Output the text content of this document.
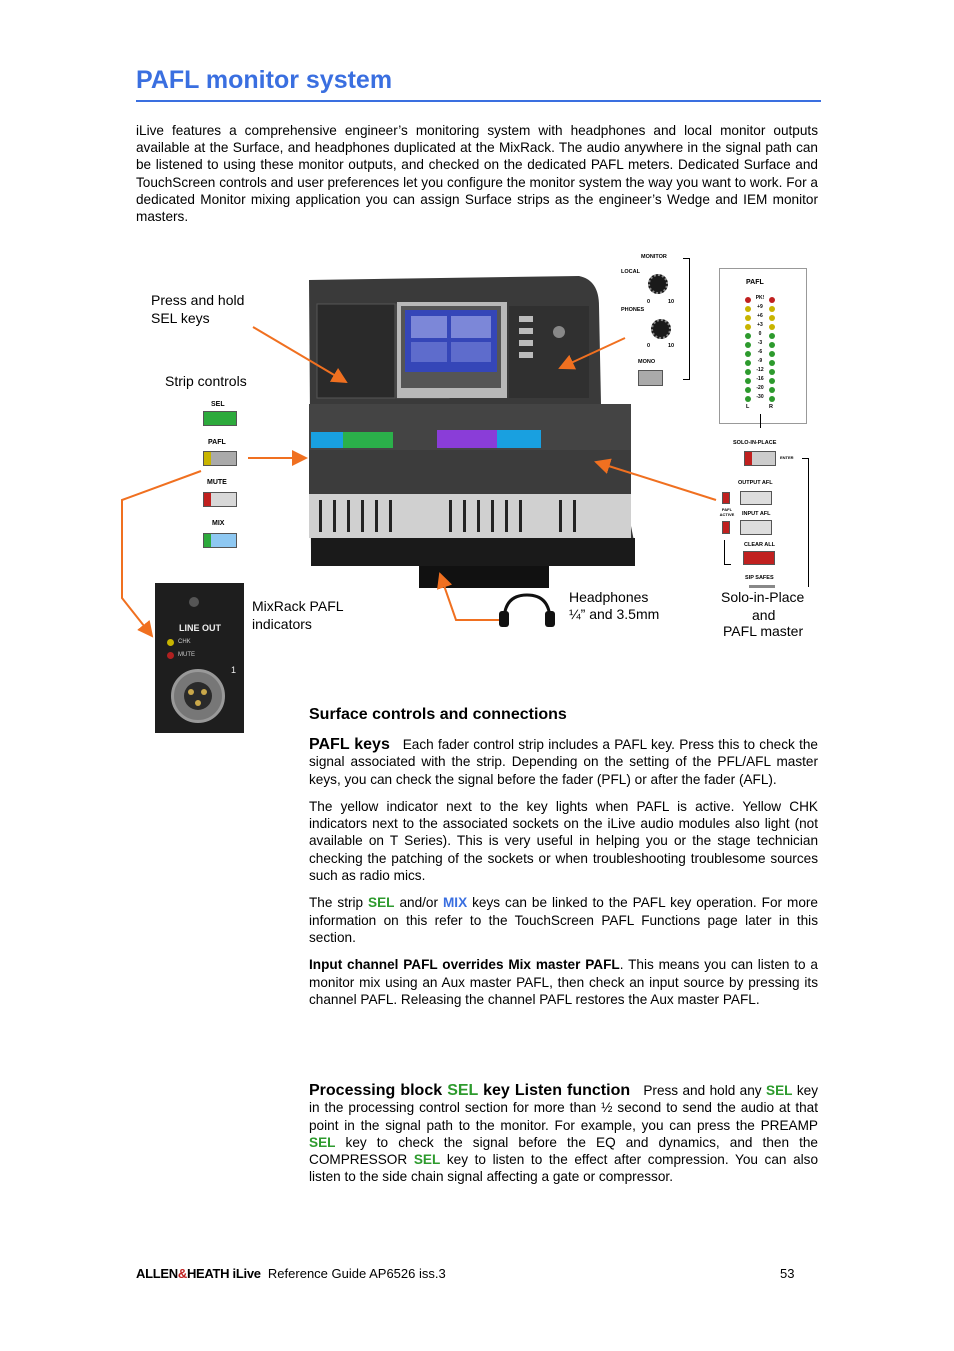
PAFL monitor system
iLive features a comprehensive engineer’s monitoring system with headphones and local monitor outputs available at the Surface, and headphones duplicated at the MixRack. The audio anywhere in the signal path can be listened to using these monitor outputs, and checked on the dedicated PAFL meters. Dedicated Surface and TouchScreen controls and user preferences let you configure the monitor system the way you want to work. For a dedicated Monitor mixing application you can assign Surface strips as the engineer’s Wedge and IEM monitor masters.
Press and hold
SEL keys
Strip controls
SEL
PAFL
MUTE
MIX
LINE OUT
CHK
MUTE
1
MixRack PAFL
indicators
Headphones
¼” and 3.5mm
MONITOR
LOCAL
0	10
PHONES
0	10
MONO
PAFL
PK!
+9
+6
+3
0
-3
-6
-9
-12
-16
-20
-30
L	R
SOLO-IN-PLACE
ENTER
OUTPUT AFL
PAFL ACTIVE	INPUT AFL
CLEAR ALL
SIP SAFES
Solo-in-Place
and
PAFL master
Surface controls and connections

PAFL keys Each fader control strip includes a PAFL key. Press this to check the signal associated with the strip. Depending on the setting of the PFL/AFL master keys, you can check the signal before the fader (PFL) or after the fader (AFL).

The yellow indicator next to the key lights when PAFL is active. Yellow CHK indicators next to the associated sockets on the iLive audio modules also light (not available on T Series). This is very useful in helping you or the stage technician checking the patching of the sockets or when troubleshooting troublesome sources such as radio mics.

The strip SEL and/or MIX keys can be linked to the PAFL key operation. For more information on this refer to the TouchScreen PAFL Functions page later in this section.

Input channel PAFL overrides Mix master PAFL. This means you can listen to a monitor mix using an Aux master PAFL, then check an input source by pressing its channel PAFL. Releasing the channel PAFL restores the Aux master PAFL.

Processing block SEL key Listen function Press and hold any SEL key in the processing control section for more than ½ second to send the audio at that point in the signal path to the monitor. For example, you can press the PREAMP SEL key to check the signal before the EQ and dynamics, and then the COMPRESSOR SEL key to listen to the effect after compression. You can also listen to the side chain signal affecting a gate or compressor.

ALLEN&HEATH iLive Reference Guide AP6526 iss.3	53
